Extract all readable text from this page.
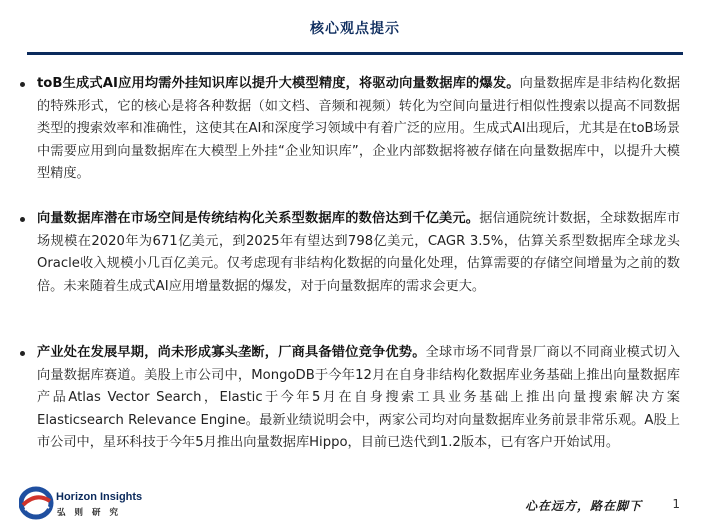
核心观点提示
toB生成式AI应用均需外挂知识库以提升大模型精度，将驱动向量数据库的爆发。向量数据库是非结构化数据的特殊形式，它的核心是将各种数据（如文档、音频和视频）转化为空间向量进行相似性搜索以提高不同数据类型的搜索效率和准确性，这使其在AI和深度学习领域中有着广泛的应用。生成式AI出现后，尤其是在toB场景中需要应用到向量数据库在大模型上外挂“企业知识库”，企业内部数据将被存储在向量数据库中，以提升大模型精度。
向量数据库潜在市场空间是传统结构化关系型数据库的数倍达到千亿美元。据信通院统计数据，全球数据库市场规模在2020年为671亿美元，到2025年有望达到798亿美元，CAGR 3.5%，估算关系型数据库全球龙头Oracle收入规模小几百亿美元。仅考虑现有非结构化数据的向量化处理，估算需要的存储空间增量为之前的数倍。未来随着生成式AI应用增量数据的爆发，对于向量数据库的需求会更大。
产业处在发展早期，尚未形成寡头垄断，厂商具备错位竞争优势。全球市场不同背景厂商以不同商业模式切入向量数据库赛道。美股上市公司中，MongoDB于今年12月在自身非结构化数据库业务基础上推出向量数据库产品Atlas Vector Search，Elastic于今年5月在自身搜索工具业务基础上推出向量搜索解决方案Elasticsearch Relevance Engine。最新业绩说明会中，两家公司均对向量数据库业务前景非常乐观。A股上市公司中，星环科技于今年5月推出向量数据库Hippo，目前已迭代到1.2版本，已有客户开始试用。
Horizon Insights
弘则研究	心在远方，路在脚下	1
